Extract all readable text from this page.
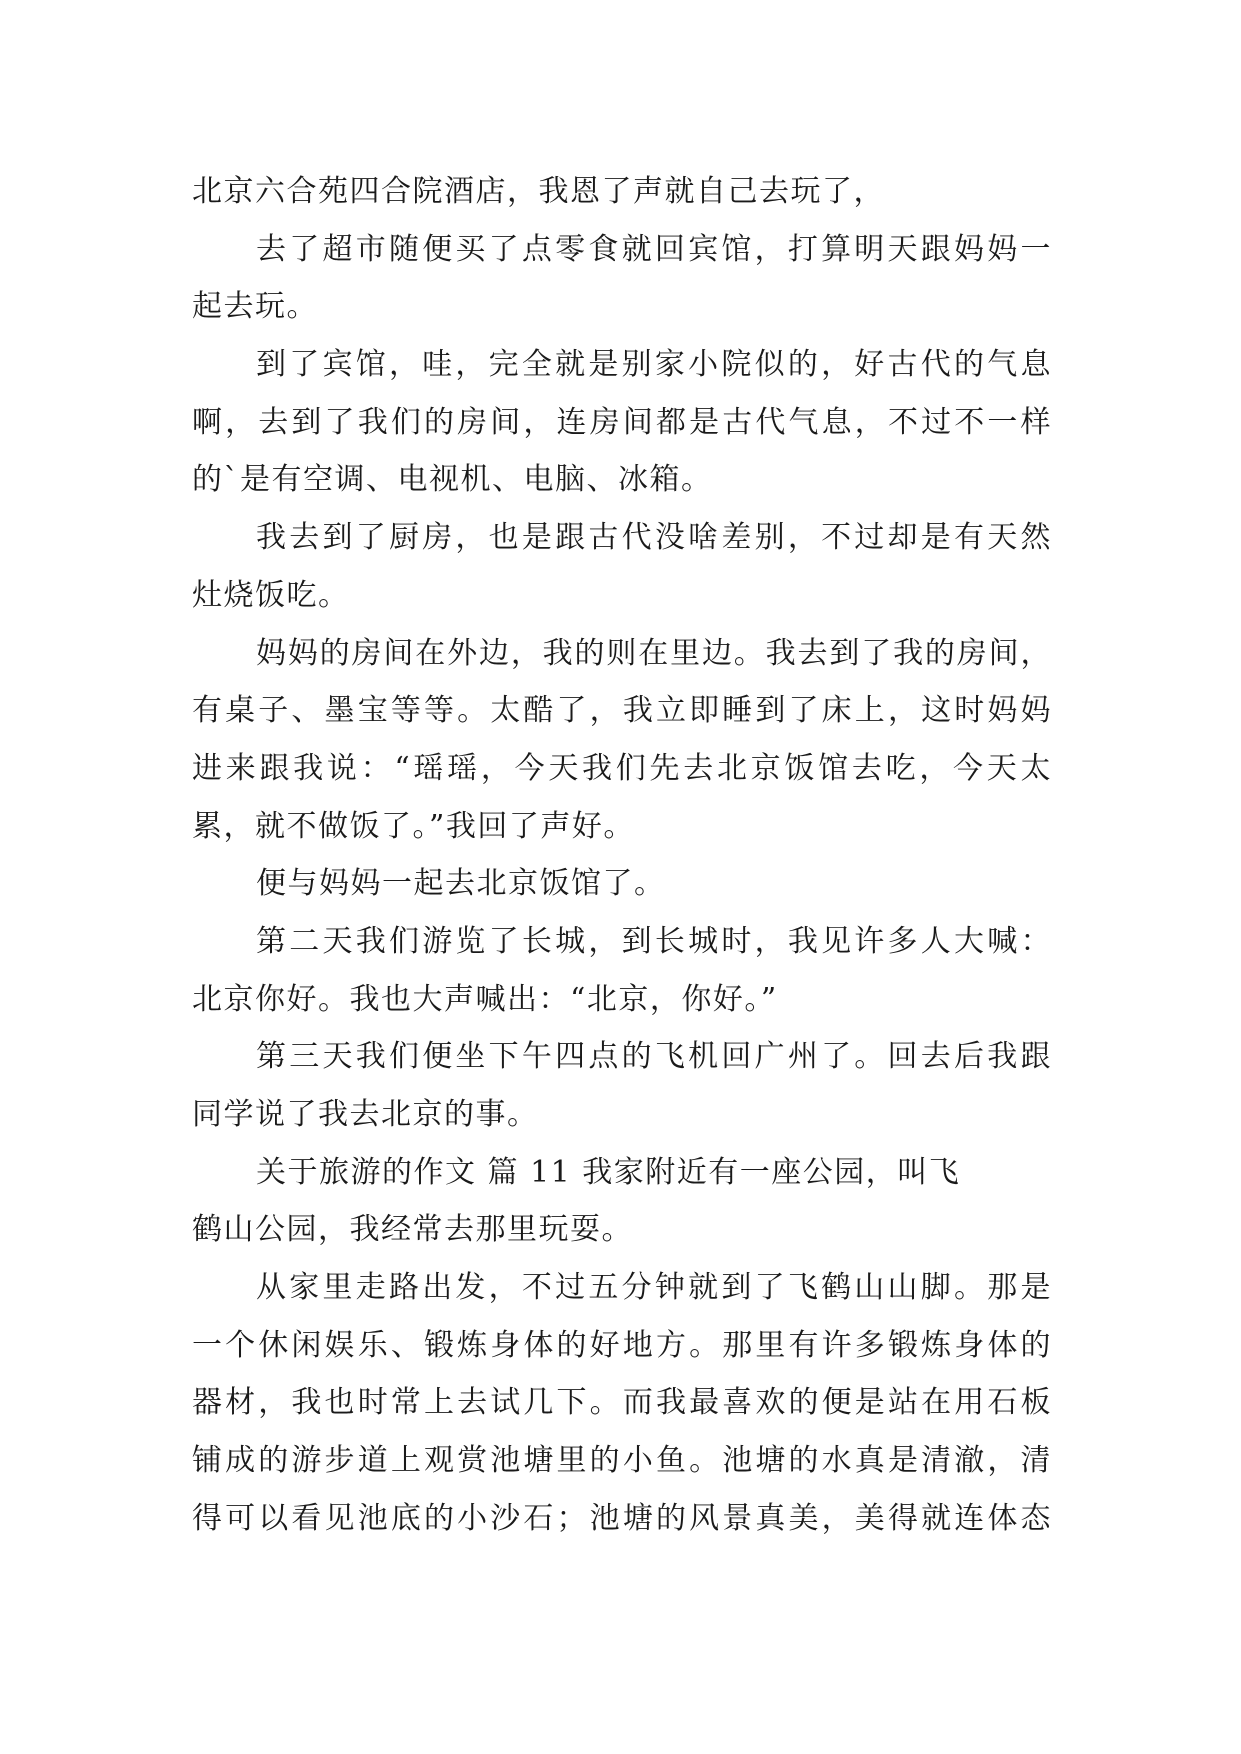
北京六合苑四合院酒店，我恩了声就自己去玩了，

去了超市随便买了点零食就回宾馆，打算明天跟妈妈一

起去玩。

到了宾馆，哇，完全就是别家小院似的，好古代的气息

啊，去到了我们的房间，连房间都是古代气息，不过不一样

的`是有空调、电视机、电脑、冰箱。

我去到了厨房，也是跟古代没啥差别，不过却是有天然

灶烧饭吃。

妈妈的房间在外边，我的则在里边。我去到了我的房间，

有桌子、墨宝等等。太酷了，我立即睡到了床上，这时妈妈

进来跟我说：“瑶瑶，今天我们先去北京饭馆去吃，今天太

累，就不做饭了。”我回了声好。

便与妈妈一起去北京饭馆了。

第二天我们游览了长城，到长城时，我见许多人大喊：

北京你好。我也大声喊出：“北京，你好。”

第三天我们便坐下午四点的飞机回广州了。回去后我跟

同学说了我去北京的事。

关于旅游的作文 篇 11 我家附近有一座公园，叫飞

鹤山公园，我经常去那里玩耍。

从家里走路出发，不过五分钟就到了飞鹤山山脚。那是

一个休闲娱乐、锻炼身体的好地方。那里有许多锻炼身体的

器材，我也时常上去试几下。而我最喜欢的便是站在用石板

铺成的游步道上观赏池塘里的小鱼。池塘的水真是清澈，清

得可以看见池底的小沙石；池塘的风景真美，美得就连体态
